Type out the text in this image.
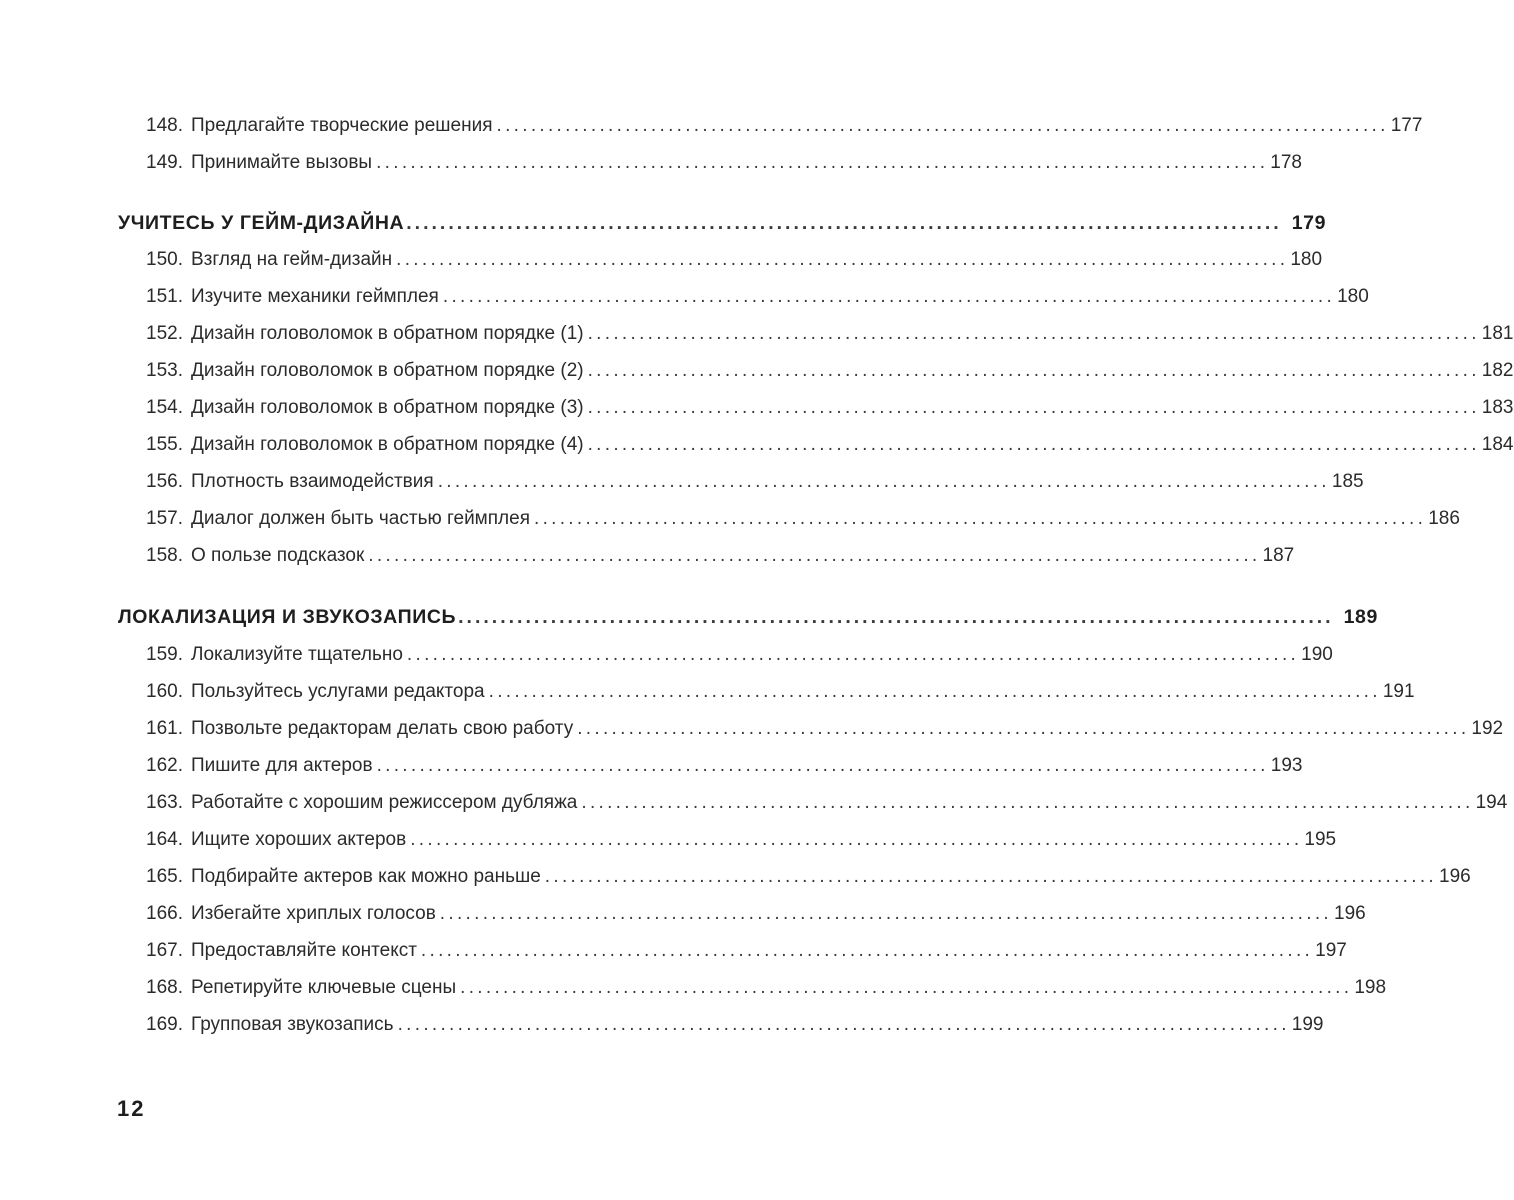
148. Предлагайте творческие решения ........................................................................................................ 177
149. Принимайте вызовы ........................................................................................................ 178
УЧИТЕСЬ У ГЕЙМ-ДИЗАЙНА ........................................................................................................ 179
150. Взгляд на гейм-дизайн ........................................................................................................ 180
151. Изучите механики геймплея ........................................................................................................ 180
152. Дизайн головоломок в обратном порядке (1) ........................................................................................................ 181
153. Дизайн головоломок в обратном порядке (2) ........................................................................................................ 182
154. Дизайн головоломок в обратном порядке (3) ........................................................................................................ 183
155. Дизайн головоломок в обратном порядке (4) ........................................................................................................ 184
156. Плотность взаимодействия ........................................................................................................ 185
157. Диалог должен быть частью геймплея ........................................................................................................ 186
158. О пользе подсказок ........................................................................................................ 187
ЛОКАЛИЗАЦИЯ И ЗВУКОЗАПИСЬ ........................................................................................................ 189
159. Локализуйте тщательно ........................................................................................................ 190
160. Пользуйтесь услугами редактора ........................................................................................................ 191
161. Позвольте редакторам делать свою работу ........................................................................................................ 192
162. Пишите для актеров ........................................................................................................ 193
163. Работайте с хорошим режиссером дубляжа ........................................................................................................ 194
164. Ищите хороших актеров ........................................................................................................ 195
165. Подбирайте актеров как можно раньше ........................................................................................................ 196
166. Избегайте хриплых голосов ........................................................................................................ 196
167. Предоставляйте контекст ........................................................................................................ 197
168. Репетируйте ключевые сцены ........................................................................................................ 198
169. Групповая звукозапись ........................................................................................................ 199
12
